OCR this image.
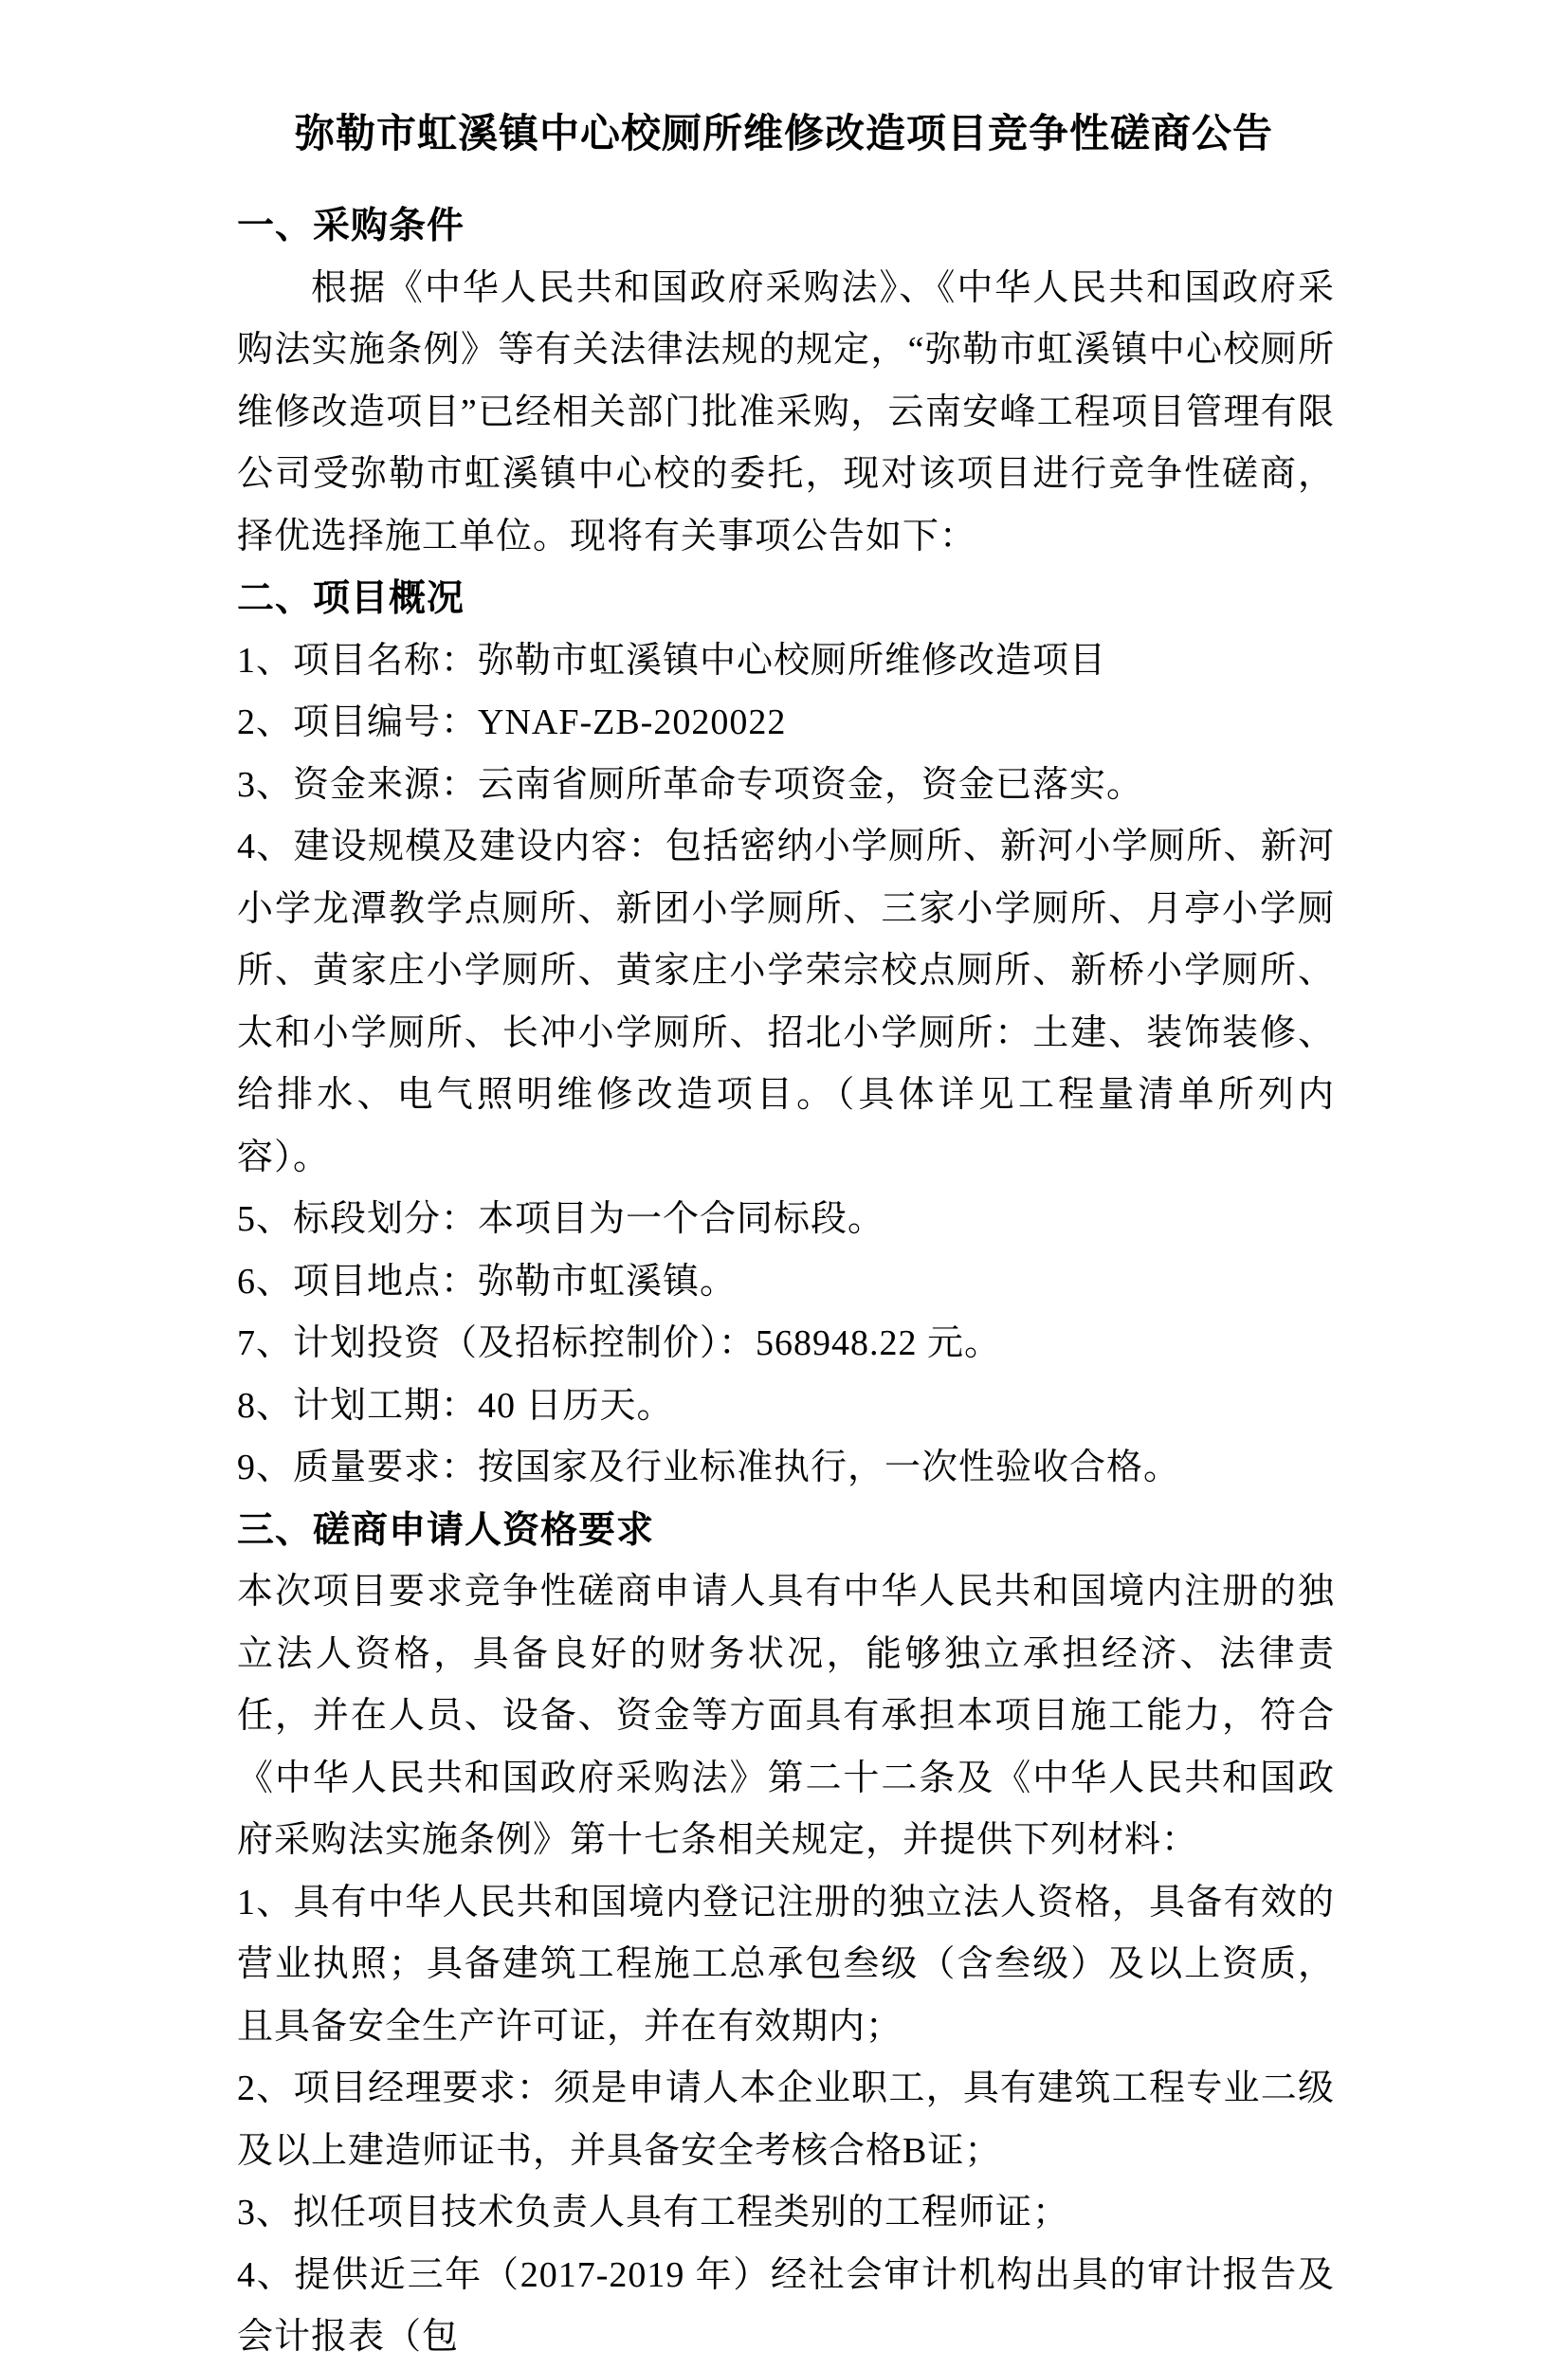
弥勒市虹溪镇中心校厕所维修改造项目竞争性磋商公告
一、采购条件

根据《中华人民共和国政府采购法》、《中华人民共和国政府采购法实施条例》等有关法律法规的规定，“弥勒市虹溪镇中心校厕所维修改造项目”已经相关部门批准采购，云南安峰工程项目管理有限公司受弥勒市虹溪镇中心校的委托，现对该项目进行竞争性磋商，择优选择施工单位。现将有关事项公告如下：

二、项目概况

1、项目名称：弥勒市虹溪镇中心校厕所维修改造项目

2、项目编号：YNAF-ZB-2020022

3、资金来源：云南省厕所革命专项资金，资金已落实。

4、建设规模及建设内容：包括密纳小学厕所、新河小学厕所、新河小学龙潭教学点厕所、新团小学厕所、三家小学厕所、月亭小学厕所、黄家庄小学厕所、黄家庄小学荣宗校点厕所、新桥小学厕所、太和小学厕所、长冲小学厕所、招北小学厕所：土建、装饰装修、给排水、电气照明维修改造项目。（具体详见工程量清单所列内容）。

5、标段划分：本项目为一个合同标段。

6、项目地点：弥勒市虹溪镇。

7、计划投资（及招标控制价）：568948.22 元。

8、计划工期：40 日历天。

9、质量要求：按国家及行业标准执行，一次性验收合格。

三、磋商申请人资格要求

本次项目要求竞争性磋商申请人具有中华人民共和国境内注册的独立法人资格，具备良好的财务状况，能够独立承担经济、法律责任，并在人员、设备、资金等方面具有承担本项目施工能力，符合《中华人民共和国政府采购法》第二十二条及《中华人民共和国政府采购法实施条例》第十七条相关规定，并提供下列材料：

1、具有中华人民共和国境内登记注册的独立法人资格，具备有效的营业执照；具备建筑工程施工总承包叁级（含叁级）及以上资质，且具备安全生产许可证，并在有效期内；

2、项目经理要求：须是申请人本企业职工，具有建筑工程专业二级及以上建造师证书，并具备安全考核合格B证；

3、拟任项目技术负责人具有工程类别的工程师证；

4、提供近三年（2017-2019 年）经社会审计机构出具的审计报告及会计报表（包
